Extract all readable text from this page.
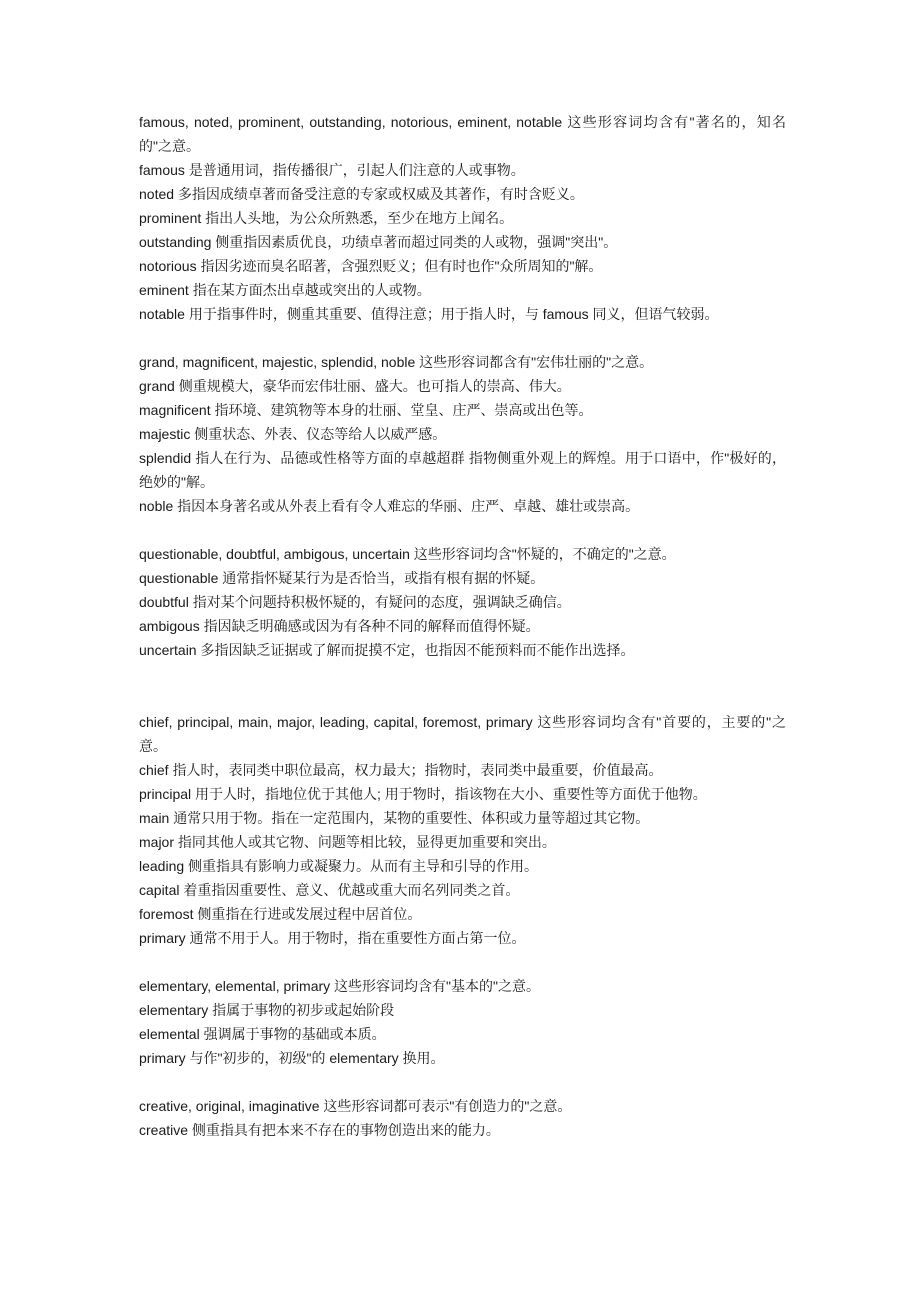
famous, noted, prominent, outstanding, notorious, eminent, notable 这些形容词均含有"著名的，知名的"之意。

famous 是普通用词，指传播很广，引起人们注意的人或事物。

noted 多指因成绩卓著而备受注意的专家或权威及其著作，有时含贬义。

prominent 指出人头地，为公众所熟悉，至少在地方上闻名。

outstanding 侧重指因素质优良，功绩卓著而超过同类的人或物，强调"突出"。

notorious 指因劣迹而臭名昭著，含强烈贬义；但有时也作"众所周知的"解。

eminent 指在某方面杰出卓越或突出的人或物。

notable 用于指事件时，侧重其重要、值得注意；用于指人时，与 famous 同义，但语气较弱。

grand, magnificent, majestic, splendid, noble 这些形容词都含有"宏伟壮丽的"之意。

grand 侧重规模大，豪华而宏伟壮丽、盛大。也可指人的崇高、伟大。

magnificent 指环境、建筑物等本身的壮丽、堂皇、庄严、崇高或出色等。

majestic 侧重状态、外表、仪态等给人以威严感。

splendid 指人在行为、品德或性格等方面的卓越超群 指物侧重外观上的辉煌。用于口语中，作"极好的，绝妙的"解。

noble 指因本身著名或从外表上看有令人难忘的华丽、庄严、卓越、雄壮或崇高。

questionable, doubtful, ambigous, uncertain 这些形容词均含"怀疑的，不确定的"之意。

questionable 通常指怀疑某行为是否恰当，或指有根有据的怀疑。

doubtful 指对某个问题持积极怀疑的，有疑问的态度，强调缺乏确信。

ambigous 指因缺乏明确感或因为有各种不同的解释而值得怀疑。

uncertain 多指因缺乏证据或了解而捉摸不定，也指因不能预料而不能作出选择。

chief, principal, main, major, leading, capital, foremost, primary 这些形容词均含有"首要的，主要的"之意。

chief 指人时，表同类中职位最高，权力最大；指物时，表同类中最重要，价值最高。

principal 用于人时，指地位优于其他人; 用于物时，指该物在大小、重要性等方面优于他物。

main 通常只用于物。指在一定范围内，某物的重要性、体积或力量等超过其它物。

major 指同其他人或其它物、问题等相比较，显得更加重要和突出。

leading 侧重指具有影响力或凝聚力。从而有主导和引导的作用。

capital 着重指因重要性、意义、优越或重大而名列同类之首。

foremost 侧重指在行进或发展过程中居首位。

primary 通常不用于人。用于物时，指在重要性方面占第一位。

elementary, elemental, primary 这些形容词均含有"基本的"之意。

elementary 指属于事物的初步或起始阶段

elemental 强调属于事物的基础或本质。

primary 与作"初步的，初级"的 elementary 换用。

creative, original, imaginative 这些形容词都可表示"有创造力的"之意。

creative 侧重指具有把本来不存在的事物创造出来的能力。
